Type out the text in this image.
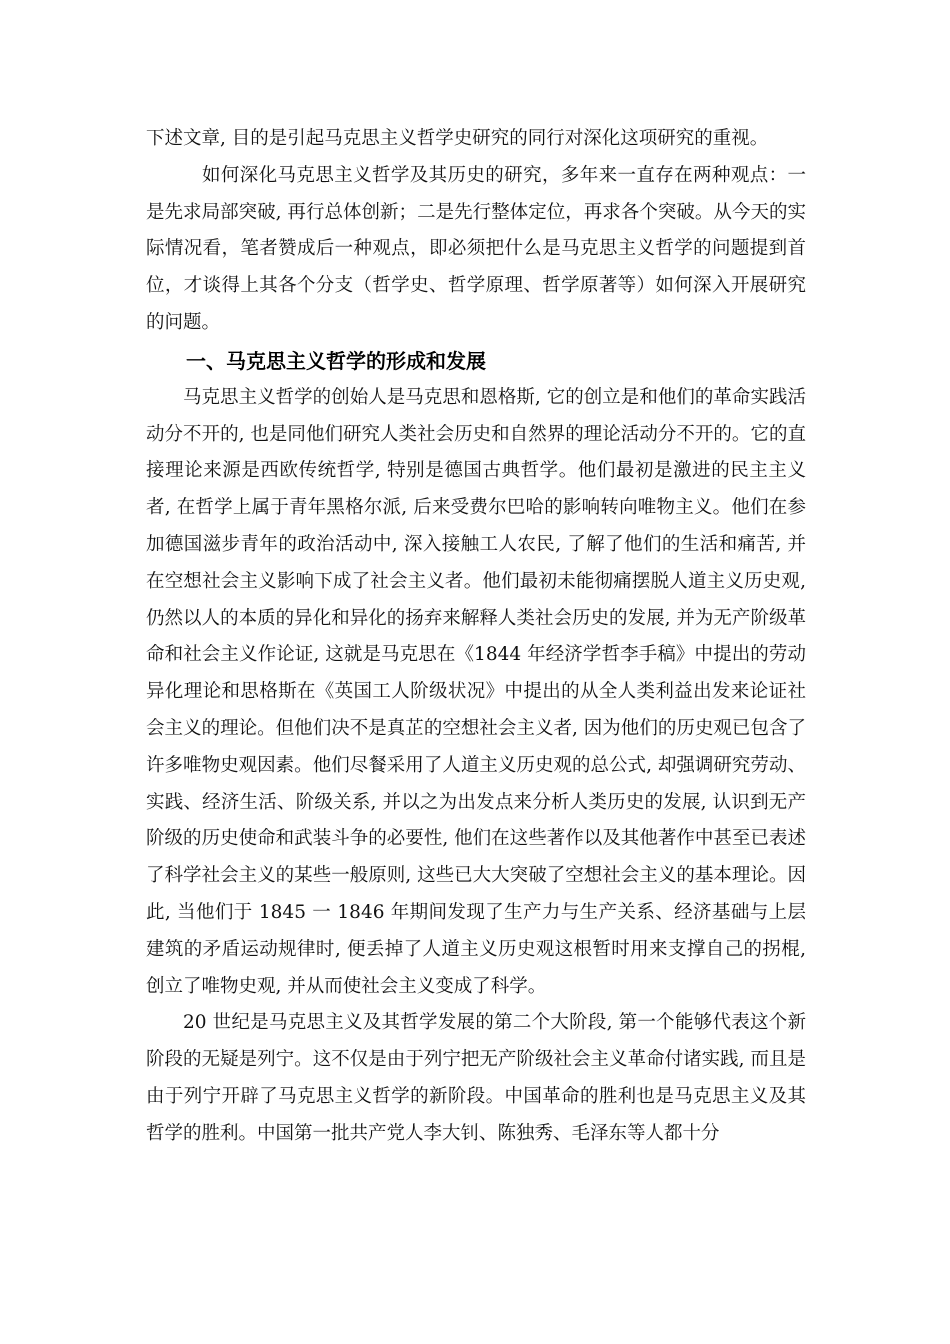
下述文章, 目的是引起马克思主义哲学史研究的同行对深化这项研究的重视。

如何深化马克思主义哲学及其历史的研究，多年来一直存在两种观点：一是先求局部突破, 再行总体创新；二是先行整体定位，再求各个突破。从今天的实际情况看，笔者赞成后一种观点，即必须把什么是马克思主义哲学的问题提到首位，才谈得上其各个分支（哲学史、哲学原理、哲学原著等）如何深入开展研究的问题。

一、马克思主义哲学的形成和发展

马克思主义哲学的创始人是马克思和恩格斯, 它的创立是和他们的革命实践活动分不开的, 也是同他们研究人类社会历史和自然界的理论活动分不开的。它的直接理论来源是西欧传统哲学, 特别是德国古典哲学。他们最初是激进的民主主义者, 在哲学上属于青年黑格尔派, 后来受费尔巴哈的影响转向唯物主义。他们在参加德国滋步青年的政治活动中, 深入接触工人农民, 了解了他们的生活和痛苦, 并在空想社会主义影响下成了社会主义者。他们最初未能彻痛摆脱人道主义历史观, 仍然以人的本质的异化和异化的扬弃来解释人类社会历史的发展, 并为无产阶级革命和社会主义作论证, 这就是马克思在《1844 年经济学哲李手稿》中提出的劳动异化理论和思格斯在《英国工人阶级状况》中提出的从全人类利益出发来论证社会主义的理论。但他们决不是真芷的空想社会主义者, 因为他们的历史观已包含了许多唯物史观因素。他们尽餐采用了人道主义历史观的总公式, 却强调研究劳动、实践、经济生活、阶级关系, 并以之为出发点来分析人类历史的发展, 认识到无产阶级的历史使命和武装斗争的必要性, 他们在这些著作以及其他著作中甚至已表述了科学社会主义的某些一般原则, 这些已大大突破了空想社会主义的基本理论。因此, 当他们于 1845 一 1846 年期间发现了生产力与生产关系、经济基础与上层建筑的矛盾运动规律时, 便丢掉了人道主义历史观这根暂时用来支撑自己的拐棍, 创立了唯物史观, 并从而使社会主义变成了科学。

20 世纪是马克思主义及其哲学发展的第二个大阶段, 第一个能够代表这个新阶段的无疑是列宁。这不仅是由于列宁把无产阶级社会主义革命付诸实践, 而且是由于列宁开辟了马克思主义哲学的新阶段。中国革命的胜利也是马克思主义及其哲学的胜利。中国第一批共产党人李大钊、陈独秀、毛泽东等人都十分
